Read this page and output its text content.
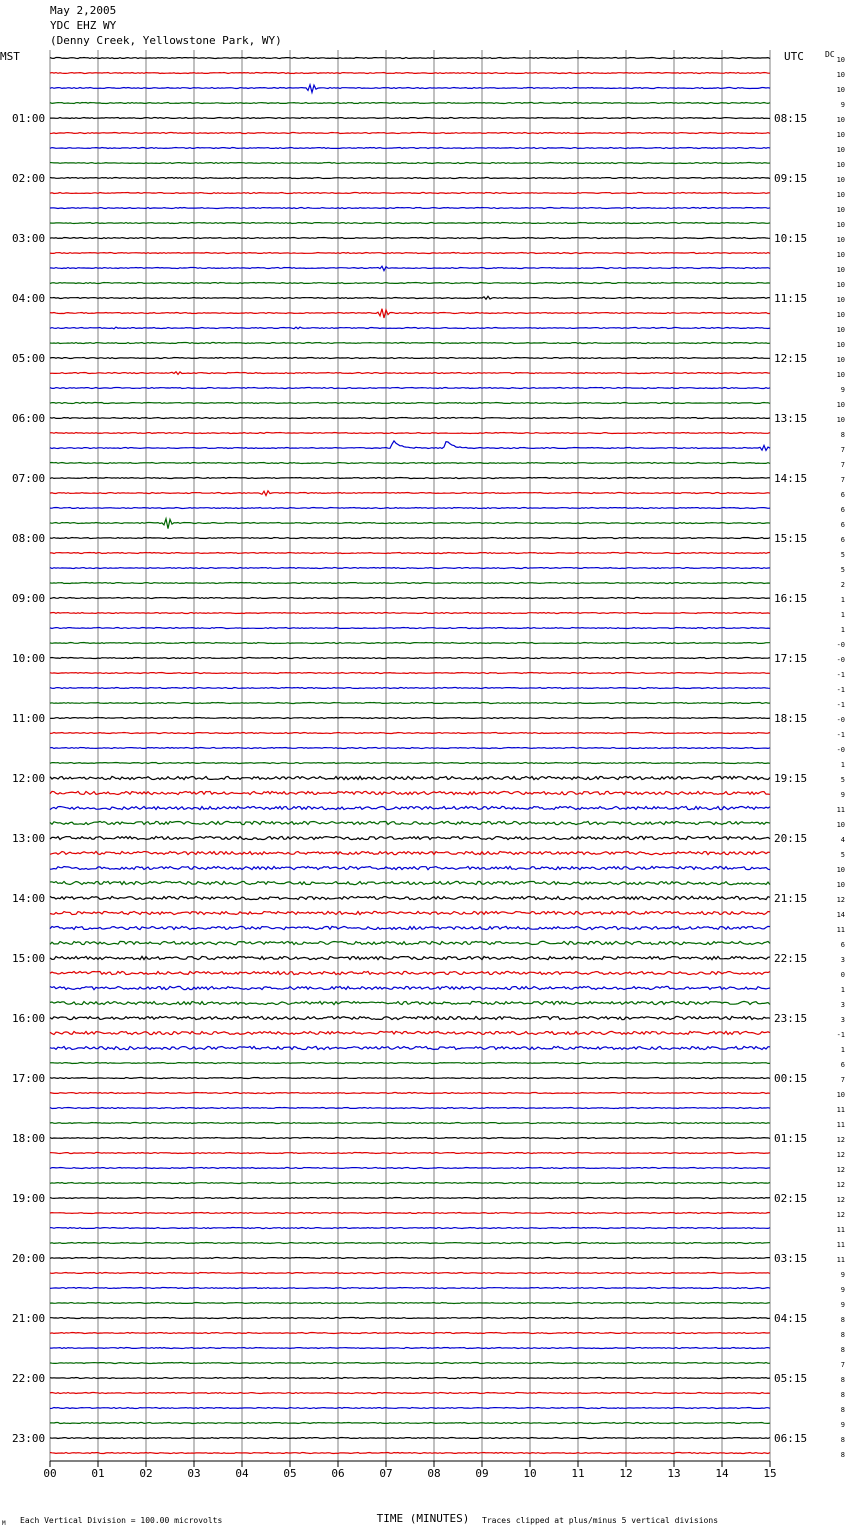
May 2,2005
YDC EHZ WY
(Denny Creek, Yellowstone Park, WY)
MST	UTC	DC
TIME (MINUTES)
Each Vertical Division = 100.00 microvolts	Traces clipped at plus/minus 5 vertical divisions
M
00	01	02	03	04	05	06	07	08	09	10	11	12	13	14	15
10
10
10
9
10
10
10
10
10
10
10
10
10
10
10
10
10
10
10
10
10
10
9
10
10
8
7
7
7
6
6
6
6
5
5
2
1
1
1
-0
-0
-1
-1
-1
-0
-1
-0
1
5
9
11
10
4
5
10
10
12
14
11
6
3
0
1
3
3
-1
1
6
7
10
11
11
12
12
12
12
12
12
11
11
11
9
9
9
8
8
8
7
8
8
8
9
8
8
01:00	08:15
02:00	09:15
03:00	10:15
04:00	11:15
05:00	12:15
06:00	13:15
07:00	14:15
08:00	15:15
09:00	16:15
10:00	17:15
11:00	18:15
12:00	19:15
13:00	20:15
14:00	21:15
15:00	22:15
16:00	23:15
17:00	00:15
18:00	01:15
19:00	02:15
20:00	03:15
21:00	04:15
22:00	05:15
23:00	06:15
